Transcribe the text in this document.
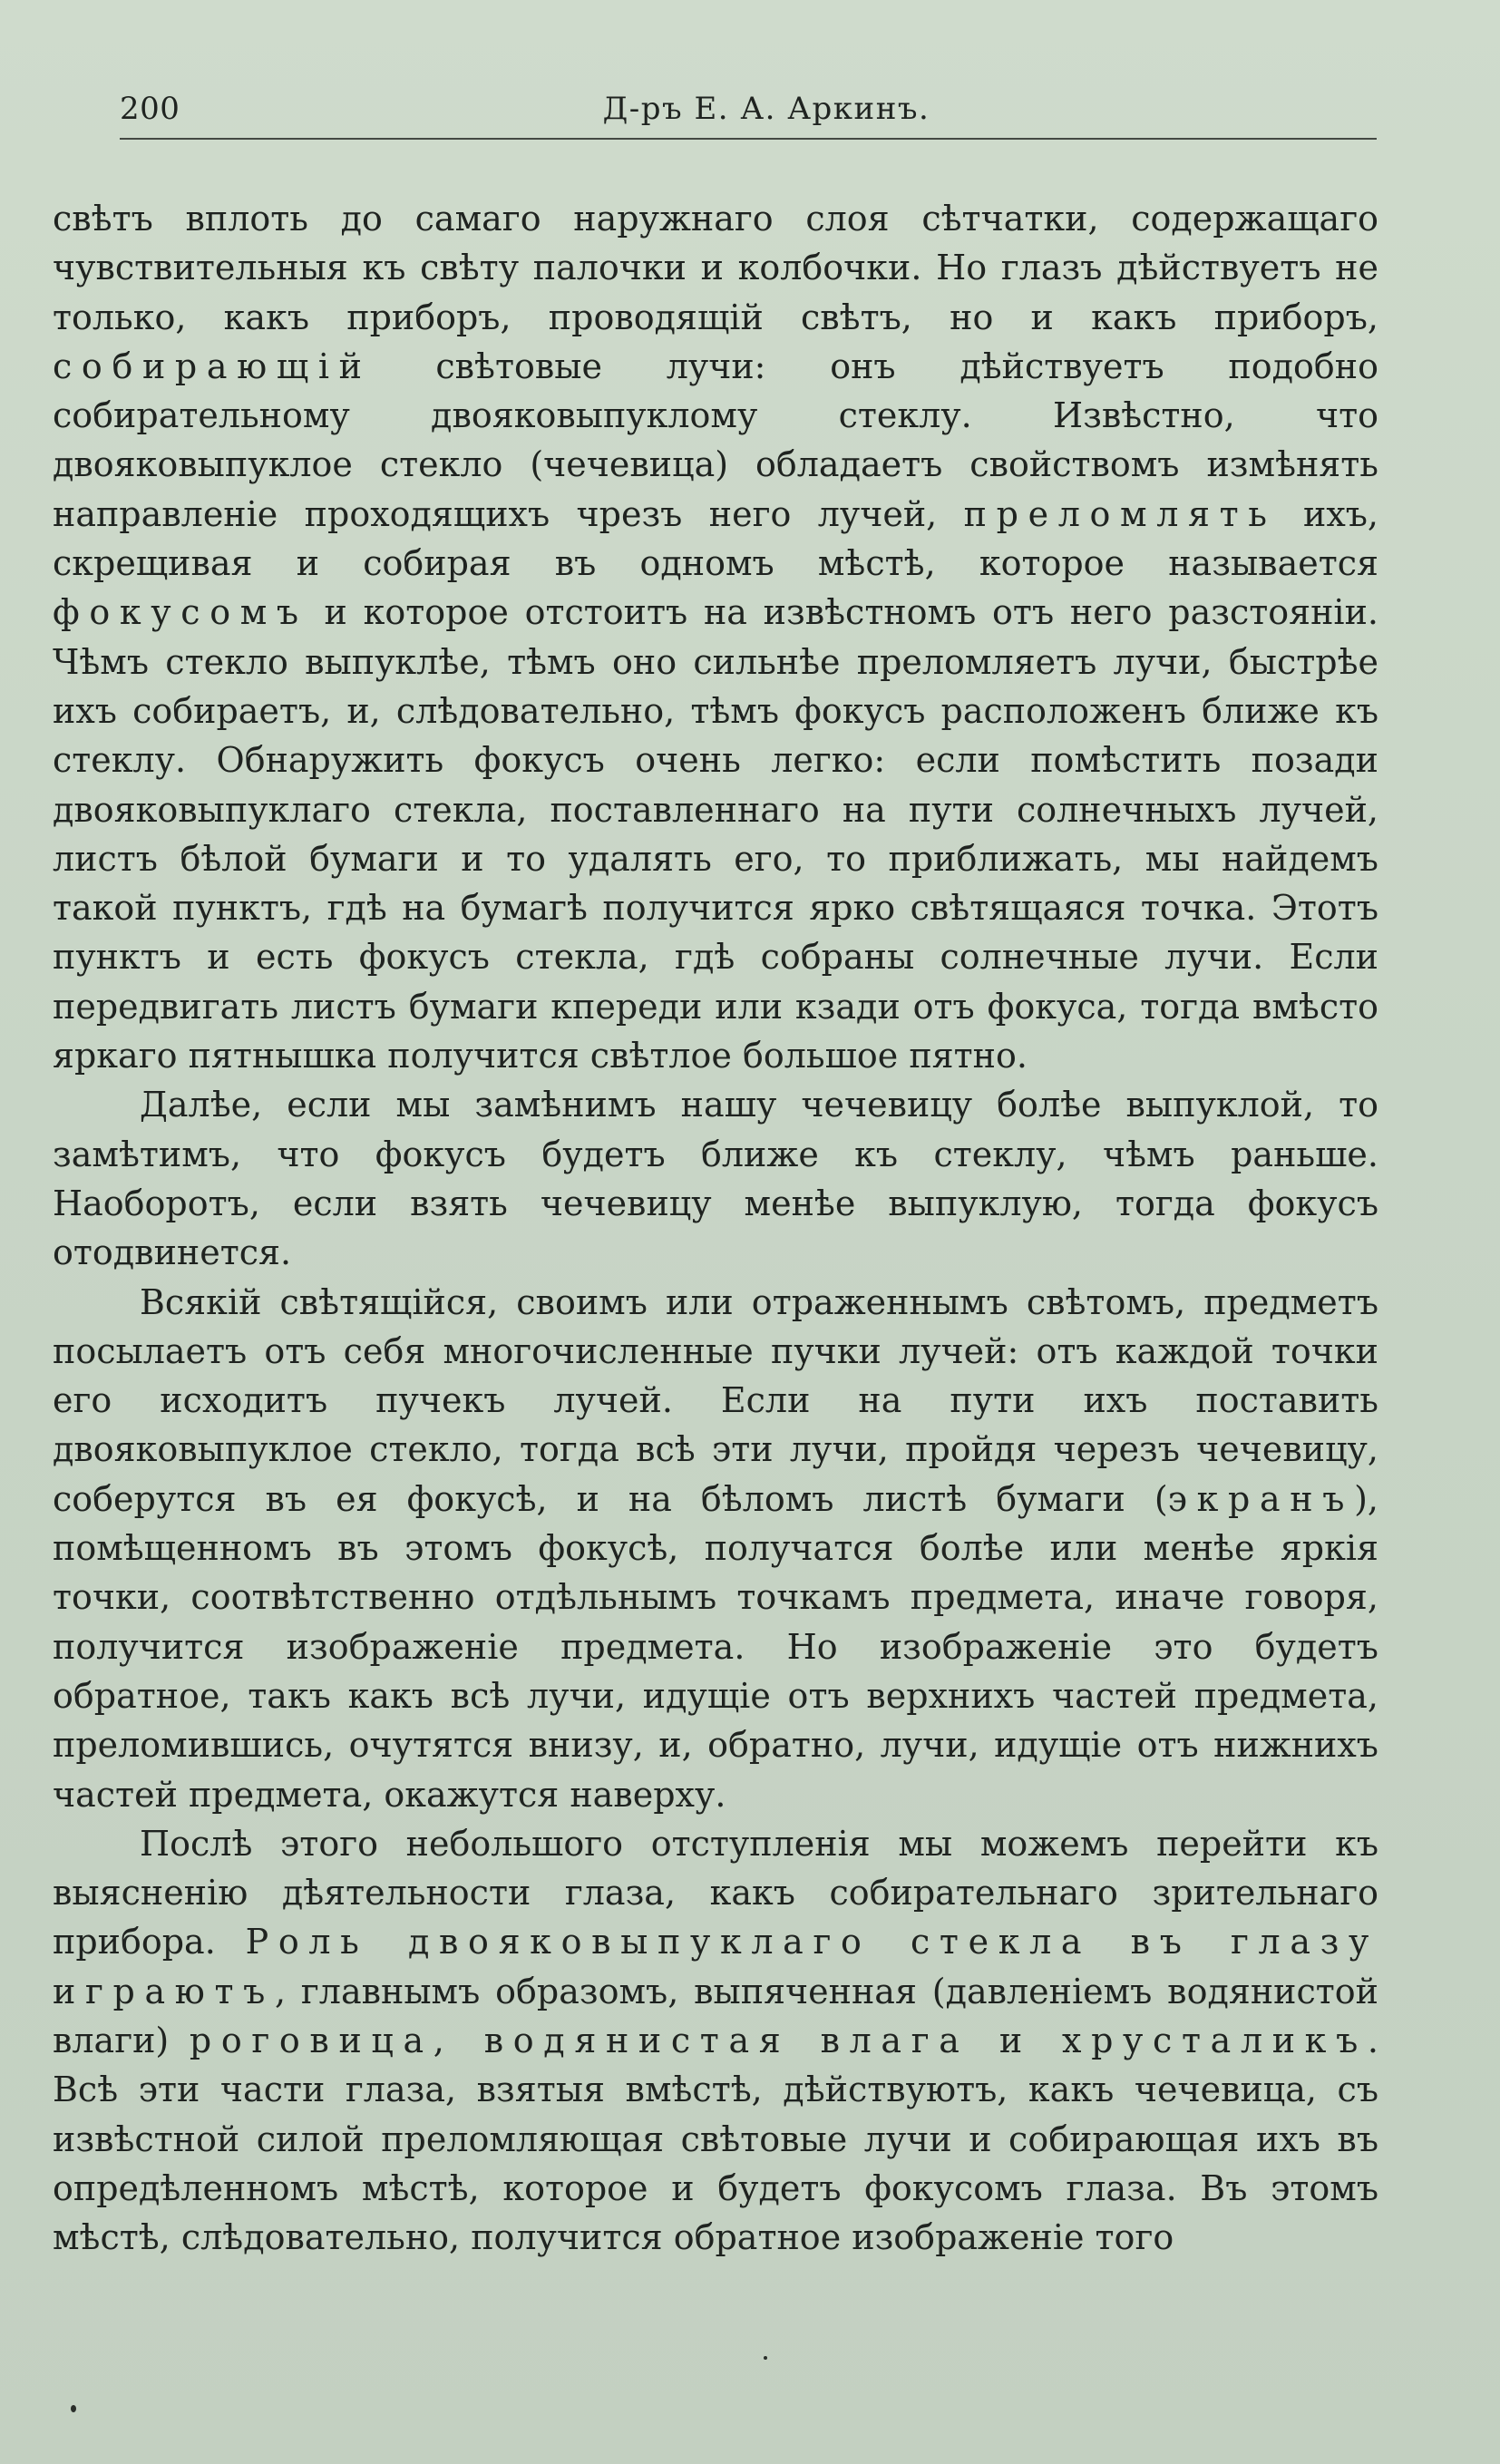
200	Д-ръ Е. А. Аркинъ.

свѣтъ вплоть до самаго наружнаго слоя сѣтчатки, содержащаго чувствительныя къ свѣту палочки и колбочки. Но глазъ дѣйствуетъ не только, какъ приборъ, проводящій свѣтъ, но и какъ приборъ, собирающій свѣтовые лучи: онъ дѣйствуетъ подобно собирательному двояковыпуклому стеклу. Извѣстно, что двояковыпуклое стекло (чечевица) обладаетъ свойствомъ измѣнять направленіе проходящихъ чрезъ него лучей, преломлять ихъ, скрещивая и собирая въ одномъ мѣстѣ, которое называется фокусомъ и которое отстоитъ на извѣстномъ отъ него разстояніи. Чѣмъ стекло выпуклѣе, тѣмъ оно сильнѣе преломляетъ лучи, быстрѣе ихъ собираетъ, и, слѣдовательно, тѣмъ фокусъ расположенъ ближе къ стеклу. Обнаружить фокусъ очень легко: если помѣстить позади двояковыпуклаго стекла, поставленнаго на пути солнечныхъ лучей, листъ бѣлой бумаги и то удалять его, то приближать, мы найдемъ такой пунктъ, гдѣ на бумагѣ получится ярко свѣтящаяся точка. Этотъ пунктъ и есть фокусъ стекла, гдѣ собраны солнечные лучи. Если передвигать листъ бумаги кпереди или кзади отъ фокуса, тогда вмѣсто яркаго пятнышка получится свѣтлое большое пятно.

Далѣе, если мы замѣнимъ нашу чечевицу болѣе выпуклой, то замѣтимъ, что фокусъ будетъ ближе къ стеклу, чѣмъ раньше. Наоборотъ, если взять чечевицу менѣе выпуклую, тогда фокусъ отодвинется.

Всякій свѣтящійся, своимъ или отраженнымъ свѣтомъ, предметъ посылаетъ отъ себя многочисленные пучки лучей: отъ каждой точки его исходитъ пучекъ лучей. Если на пути ихъ поставить двояковыпуклое стекло, тогда всѣ эти лучи, пройдя черезъ чечевицу, соберутся въ ея фокусѣ, и на бѣломъ листѣ бумаги (экранъ), помѣщенномъ въ этомъ фокусѣ, получатся болѣе или менѣе яркія точки, соотвѣтственно отдѣльнымъ точкамъ предмета, иначе говоря, получится изображеніе предмета. Но изображеніе это будетъ обратное, такъ какъ всѣ лучи, идущіе отъ верхнихъ частей предмета, преломившись, очутятся внизу, и, обратно, лучи, идущіе отъ нижнихъ частей предмета, окажутся наверху.

Послѣ этого небольшого отступленія мы можемъ перейти къ выясненію дѣятельности глаза, какъ собирательнаго зрительнаго прибора. Роль двояковыпуклаго стекла въ глазу играютъ, главнымъ образомъ, выпяченная (давленіемъ водянистой влаги) роговица, водянистая влага и хрусталикъ. Всѣ эти части глаза, взятыя вмѣстѣ, дѣйствуютъ, какъ чечевица, съ извѣстной силой преломляющая свѣтовые лучи и собирающая ихъ въ опредѣленномъ мѣстѣ, которое и будетъ фокусомъ глаза. Въ этомъ мѣстѣ, слѣдовательно, получится обратное изображеніе того
